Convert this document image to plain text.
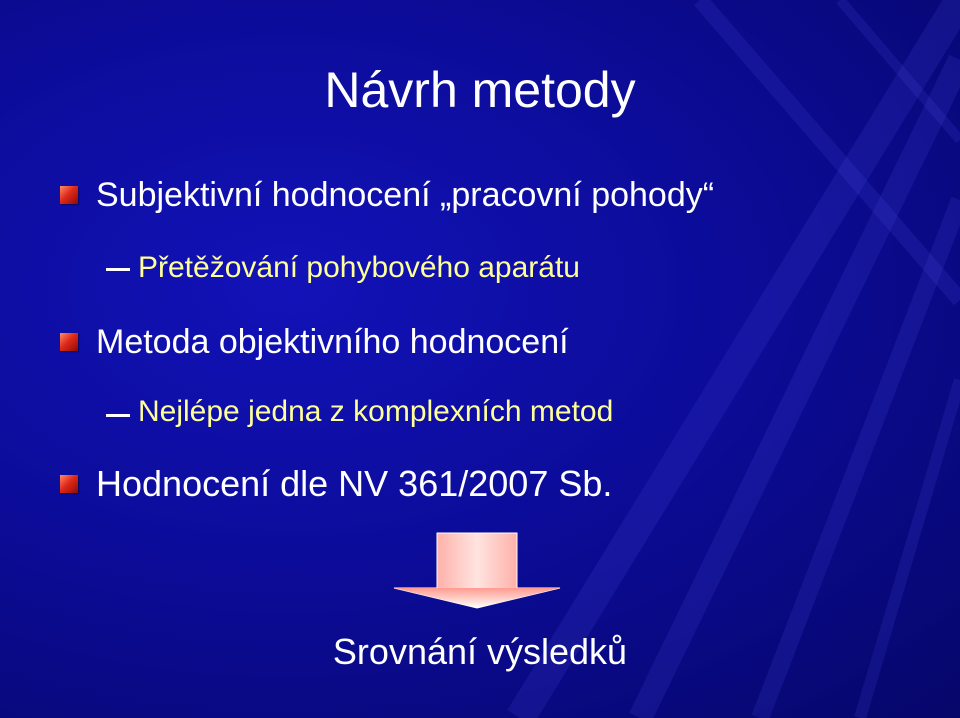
Návrh metody
Subjektivní hodnocení „pracovní pohody“
Přetěžování pohybového aparátu
Metoda objektivního hodnocení
Nejlépe jedna z komplexních metod
Hodnocení dle NV 361/2007 Sb.
Srovnání výsledků
